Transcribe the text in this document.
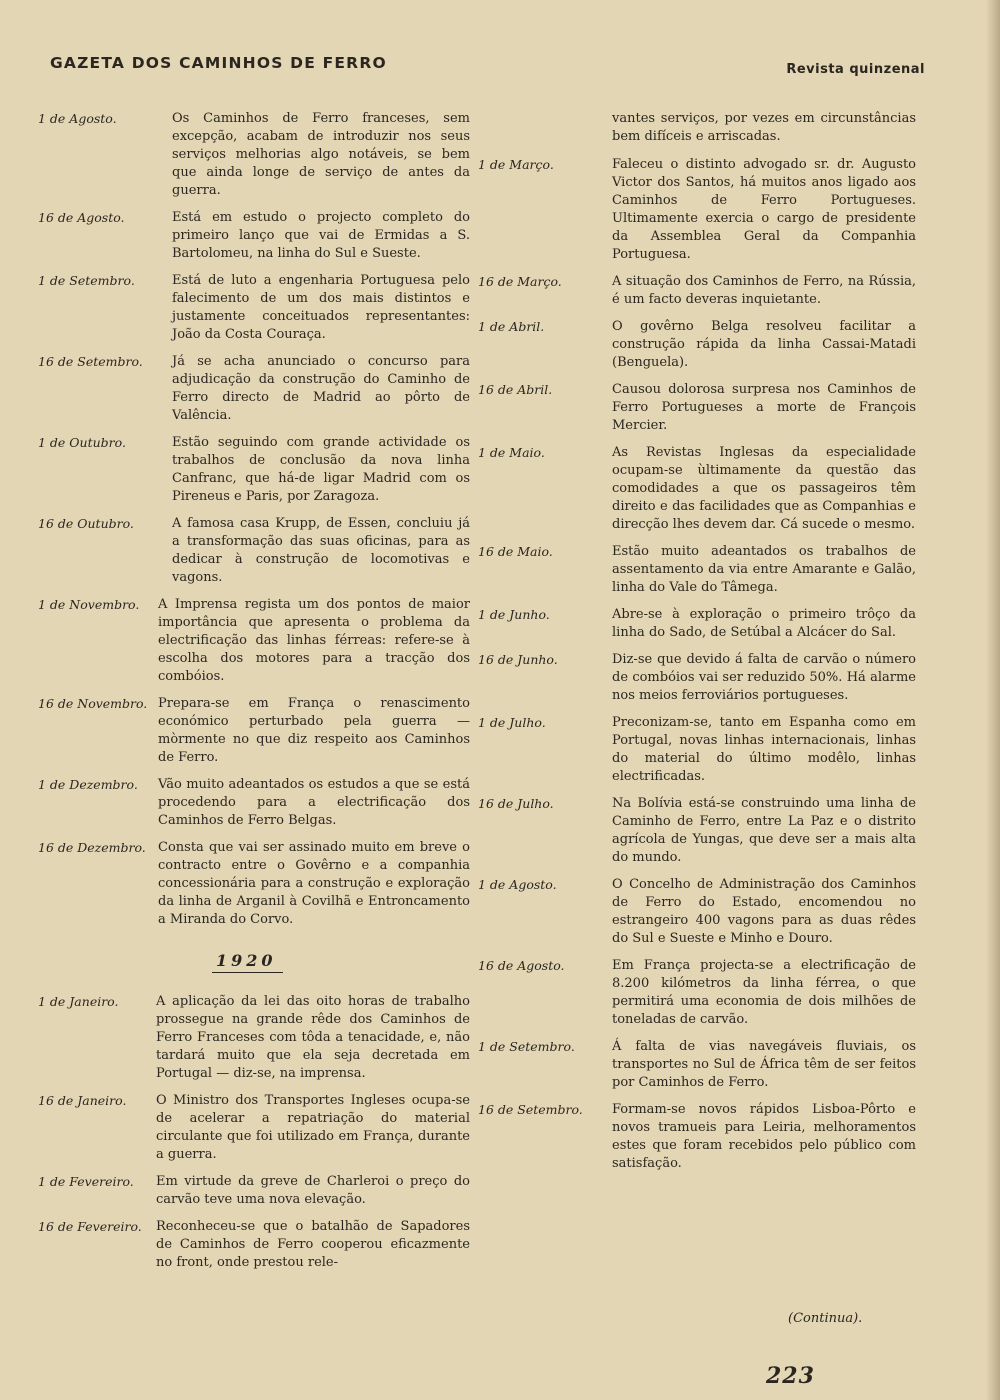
GAZETA DOS CAMINHOS DE FERRO	Revista quinzenal
1 de Agosto.	Os Caminhos de Ferro franceses, sem excepção, acabam de introduzir nos seus serviços melhorias algo notáveis, se bem que ainda longe de serviço de antes da guerra.
16 de Agosto.	Está em estudo o projecto completo do primeiro lanço que vai de Ermidas a S. Bartolomeu, na linha do Sul e Sueste.
1 de Setembro.	Está de luto a engenharia Portuguesa pelo falecimento de um dos mais distintos e justamente conceituados representantes: João da Costa Couraça.
16 de Setembro. Já se acha anunciado o concurso para adjudicação da construção do Caminho de Ferro directo de Madrid ao pôrto de Valência.
1 de Outubro.	Estão seguindo com grande actividade os trabalhos de conclusão da nova linha Canfranc, que há-de ligar Madrid com os Pireneus e Paris, por Zaragoza.
16 de Outubro.	A famosa casa Krupp, de Essen, concluiu já a transformação das suas oficinas, para as dedicar à construção de locomotivas e vagons.
1 de Novembro. A Imprensa regista um dos pontos de maior importância que apresenta o problema da electrificação das linhas férreas: refere-se à escolha dos motores para a tracção dos combóios.
16 de Novembro. Prepara-se em França o renascimento económico perturbado pela guerra — mòrmente no que diz respeito aos Caminhos de Ferro.
1 de Dezembro. Vão muito adeantados os estudos a que se está procedendo para a electrificação dos Caminhos de Ferro Belgas.
16 de Dezembro. Consta que vai ser assinado muito em breve o contracto entre o Govêrno e a companhia concessionária para a construção e exploração da linha de Arganil à Covilhã e Entroncamento a Miranda do Corvo.
1920
1 de Janeiro.	A aplicação da lei das oito horas de trabalho prossegue na grande rêde dos Caminhos de Ferro Franceses com tôda a tenacidade, e, não tardará muito que ela seja decretada em Portugal — diz-se, na imprensa.
16 de Janeiro. O Ministro dos Transportes Ingleses ocupa-se de acelerar a repatriação do material circulante que foi utilizado em França, durante a guerra.
1 de Fevereiro. Em virtude da greve de Charleroi o preço do carvão teve uma nova elevação.
16 de Fevereiro. Reconheceu-se que o batalhão de Sapadores de Caminhos de Ferro cooperou eficazmente no front, onde prestou rele-
vantes serviços, por vezes em circunstâncias bem difíceis e arriscadas.
1 de Março.	Faleceu o distinto advogado sr. dr. Augusto Victor dos Santos, há muitos anos ligado aos Caminhos de Ferro Portugueses. Ultimamente exercia o cargo de presidente da Assemblea Geral da Companhia Portuguesa.
16 de Março.	A situação dos Caminhos de Ferro, na Rússia, é um facto deveras inquietante.
1 de Abril.	O govêrno Belga resolveu facilitar a construção rápida da linha Cassai-Matadi (Benguela).
16 de Abril.	Causou dolorosa surpresa nos Caminhos de Ferro Portugueses a morte de François Mercier.
1 de Maio.	As Revistas Inglesas da especialidade ocupam-se ùltimamente da questão das comodidades a que os passageiros têm direito e das facilidades que as Companhias e direcção lhes devem dar. Cá sucede o mesmo.
16 de Maio.	Estão muito adeantados os trabalhos de assentamento da via entre Amarante e Galão, linha do Vale do Tâmega.
1 de Junho.	Abre-se à exploração o primeiro trôço da linha do Sado, de Setúbal a Alcácer do Sal.
16 de Junho.	Diz-se que devido á falta de carvão o número de combóios vai ser reduzido 50%. Há alarme nos meios ferroviários portugueses.
1 de Julho.	Preconizam-se, tanto em Espanha como em Portugal, novas linhas internacionais, linhas do material do último modêlo, linhas electrificadas.
16 de Julho.	Na Bolívia está-se construindo uma linha de Caminho de Ferro, entre La Paz e o distrito agrícola de Yungas, que deve ser a mais alta do mundo.
1 de Agosto.	O Concelho de Administração dos Caminhos de Ferro do Estado, encomendou no estrangeiro 400 vagons para as duas rêdes do Sul e Sueste e Minho e Douro.
16 de Agosto.	Em França projecta-se a electrificação de 8.200 kilómetros da linha férrea, o que permitirá uma economia de dois milhões de toneladas de carvão.
1 de Setembro.	Á falta de vias navegáveis fluviais, os transportes no Sul de África têm de ser feitos por Caminhos de Ferro.
16 de Setembro. Formam-se novos rápidos Lisboa-Pôrto e novos tramueis para Leiria, melhoramentos estes que foram recebidos pelo público com satisfação.
(Continua).
223
